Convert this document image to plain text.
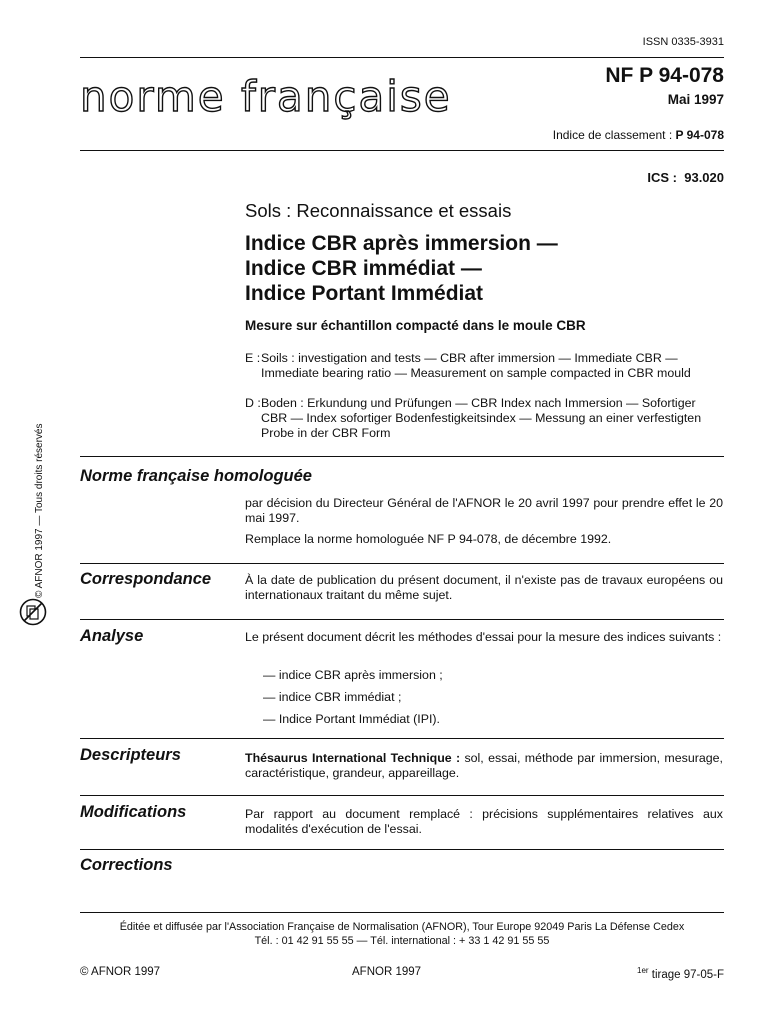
ISSN 0335-3931
norme française	NF P 94-078
Mai 1997
Indice de classement : P 94-078
ICS : 93.020
Sols : Reconnaissance et essais
Indice CBR après immersion —
Indice CBR immédiat —
Indice Portant Immédiat
Mesure sur échantillon compacté dans le moule CBR
E : Soils : investigation and tests — CBR after immersion — Immediate CBR — Immediate bearing ratio — Measurement on sample compacted in CBR mould
D : Boden : Erkundung und Prüfungen — CBR Index nach Immersion — Sofortiger CBR — Index sofortiger Bodenfestigkeitsindex — Messung an einer verfestigten Probe in der CBR Form
© AFNOR 1997 — Tous droits réservés Norme française homologuée
par décision du Directeur Général de l'AFNOR le 20 avril 1997 pour prendre effet le 20 mai 1997.
Remplace la norme homologuée NF P 94-078, de décembre 1992.
Correspondance	À la date de publication du présent document, il n'existe pas de travaux européens ou internationaux traitant du même sujet.
Analyse	Le présent document décrit les méthodes d'essai pour la mesure des indices suivants :
— indice CBR après immersion ;
— indice CBR immédiat ;
— Indice Portant Immédiat (IPI).
Descripteurs	Thésaurus International Technique : sol, essai, méthode par immersion, mesurage, caractéristique, grandeur, appareillage.
Modifications	Par rapport au document remplacé : précisions supplémentaires relatives aux modalités d'exécution de l'essai.
Corrections
Éditée et diffusée par l'Association Française de Normalisation (AFNOR), Tour Europe 92049 Paris La Défense Cedex
Tél. : 01 42 91 55 55 — Tél. international : + 33 1 42 91 55 55
© AFNOR 1997	AFNOR 1997	$^{1er}$ tirage 97-05-F
